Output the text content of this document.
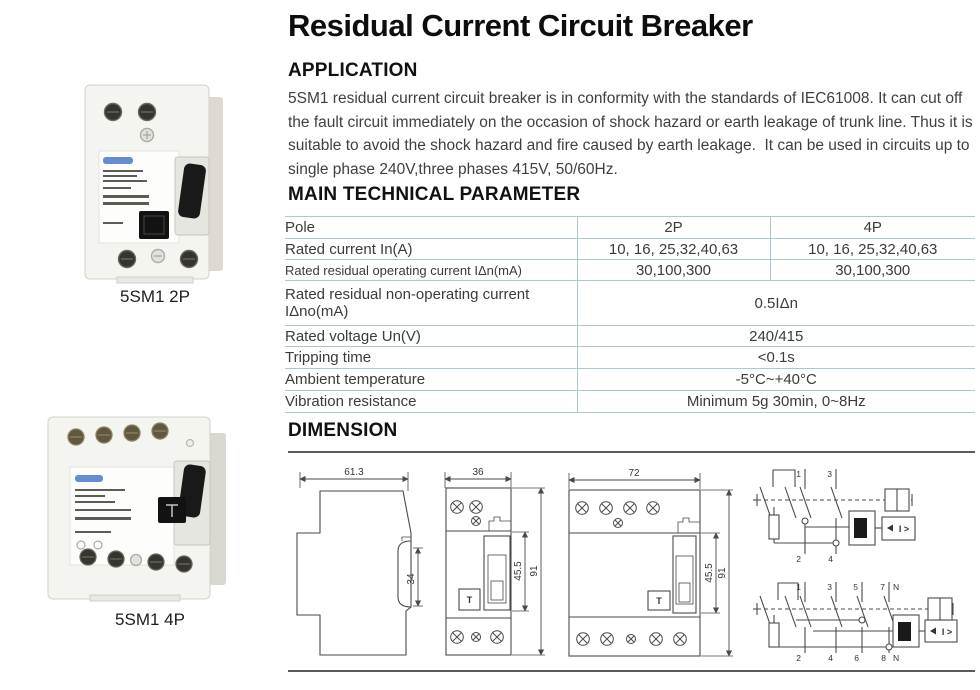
5SM1 2P
5SM1 4P
Residual Current Circuit Breaker
APPLICATION
5SM1 residual current circuit breaker is in conformity with the standards of IEC61008. It can cut off the fault circuit immediately on the occasion of shock hazard or earth leakage of trunk line. Thus it is suitable to avoid the shock hazard and fire caused by earth leakage.  It can be used in circuits up to single phase 240V,three phases 415V, 50/60Hz.
MAIN TECHNICAL PARAMETER
Pole	2P	4P
Rated current In(A)	10, 16, 25,32,40,63	10, 16, 25,32,40,63
Rated residual operating current IΔn(mA)	30,100,300	30,100,300
Rated residual non-operating current IΔno(mA)	0.5IΔn	
Rated voltage Un(V)	240/415	
Tripping time	<0.1s	
Ambient temperature	-5°C~+40°C	
Vibration resistance	Minimum 5g 30min, 0~8Hz	
DIMENSION
61.3
34
36
T
45.5 91
72
T
45.5 91
1	3
2	4
I >
1	3	5	7 N
2	4	6	8 N
I >
